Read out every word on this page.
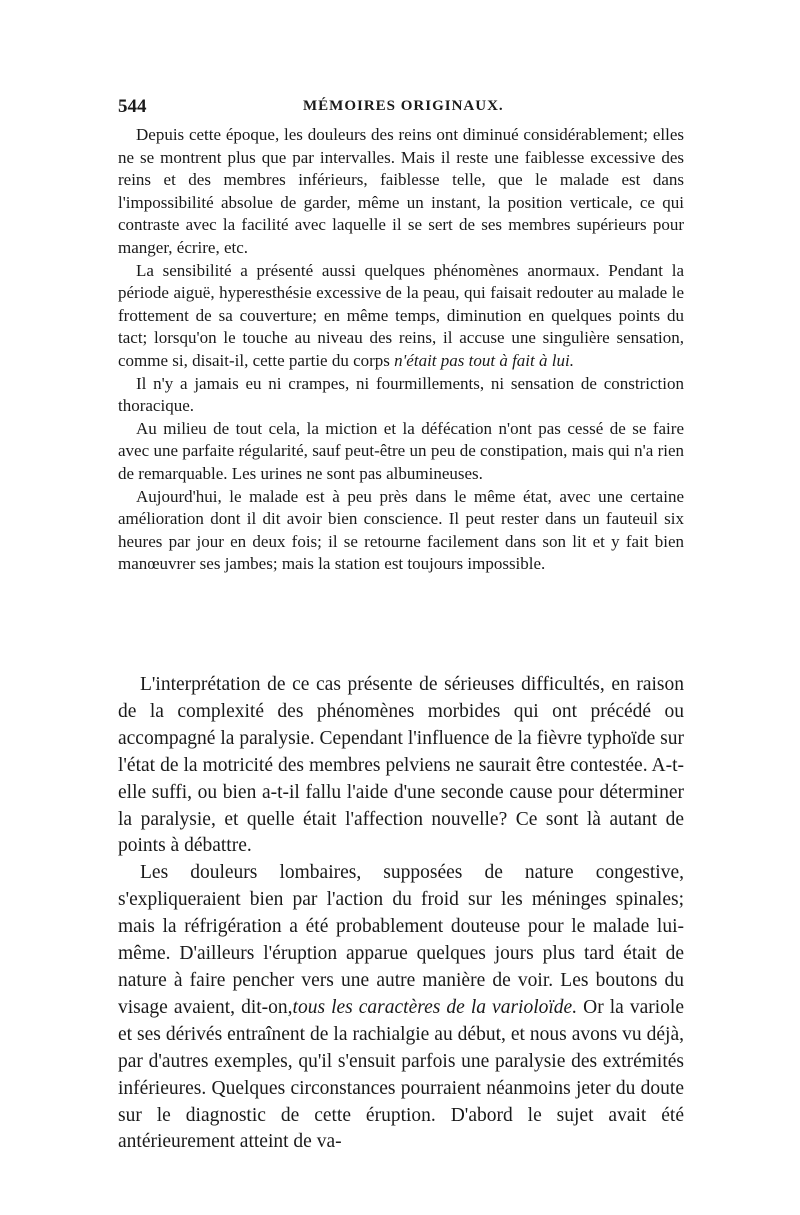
544	MÉMOIRES ORIGINAUX.

Depuis cette époque, les douleurs des reins ont diminué considérablement; elles ne se montrent plus que par intervalles. Mais il reste une faiblesse excessive des reins et des membres inférieurs, faiblesse telle, que le malade est dans l'impossibilité absolue de garder, même un instant, la position verticale, ce qui contraste avec la facilité avec laquelle il se sert de ses membres supérieurs pour manger, écrire, etc.

La sensibilité a présenté aussi quelques phénomènes anormaux. Pendant la période aiguë, hyperesthésie excessive de la peau, qui faisait redouter au malade le frottement de sa couverture; en même temps, diminution en quelques points du tact; lorsqu'on le touche au niveau des reins, il accuse une singulière sensation, comme si, disait-il, cette partie du corps n'était pas tout à fait à lui.

Il n'y a jamais eu ni crampes, ni fourmillements, ni sensation de constriction thoracique.

Au milieu de tout cela, la miction et la défécation n'ont pas cessé de se faire avec une parfaite régularité, sauf peut-être un peu de constipation, mais qui n'a rien de remarquable. Les urines ne sont pas albumineuses.

Aujourd'hui, le malade est à peu près dans le même état, avec une certaine amélioration dont il dit avoir bien conscience. Il peut rester dans un fauteuil six heures par jour en deux fois; il se retourne facilement dans son lit et y fait bien manœuvrer ses jambes; mais la station est toujours impossible.

L'interprétation de ce cas présente de sérieuses difficultés, en raison de la complexité des phénomènes morbides qui ont précédé ou accompagné la paralysie. Cependant l'influence de la fièvre typhoïde sur l'état de la motricité des membres pelviens ne saurait être contestée. A-t-elle suffi, ou bien a-t-il fallu l'aide d'une seconde cause pour déterminer la paralysie, et quelle était l'affection nouvelle? Ce sont là autant de points à débattre.

Les douleurs lombaires, supposées de nature congestive, s'expliqueraient bien par l'action du froid sur les méninges spinales; mais la réfrigération a été probablement douteuse pour le malade lui-même. D'ailleurs l'éruption apparue quelques jours plus tard était de nature à faire pencher vers une autre manière de voir. Les boutons du visage avaient, dit-on,tous les caractères de la varioloïde. Or la variole et ses dérivés entraînent de la rachialgie au début, et nous avons vu déjà, par d'autres exemples, qu'il s'ensuit parfois une paralysie des extrémités inférieures. Quelques circonstances pourraient néanmoins jeter du doute sur le diagnostic de cette éruption. D'abord le sujet avait été antérieurement atteint de va-
